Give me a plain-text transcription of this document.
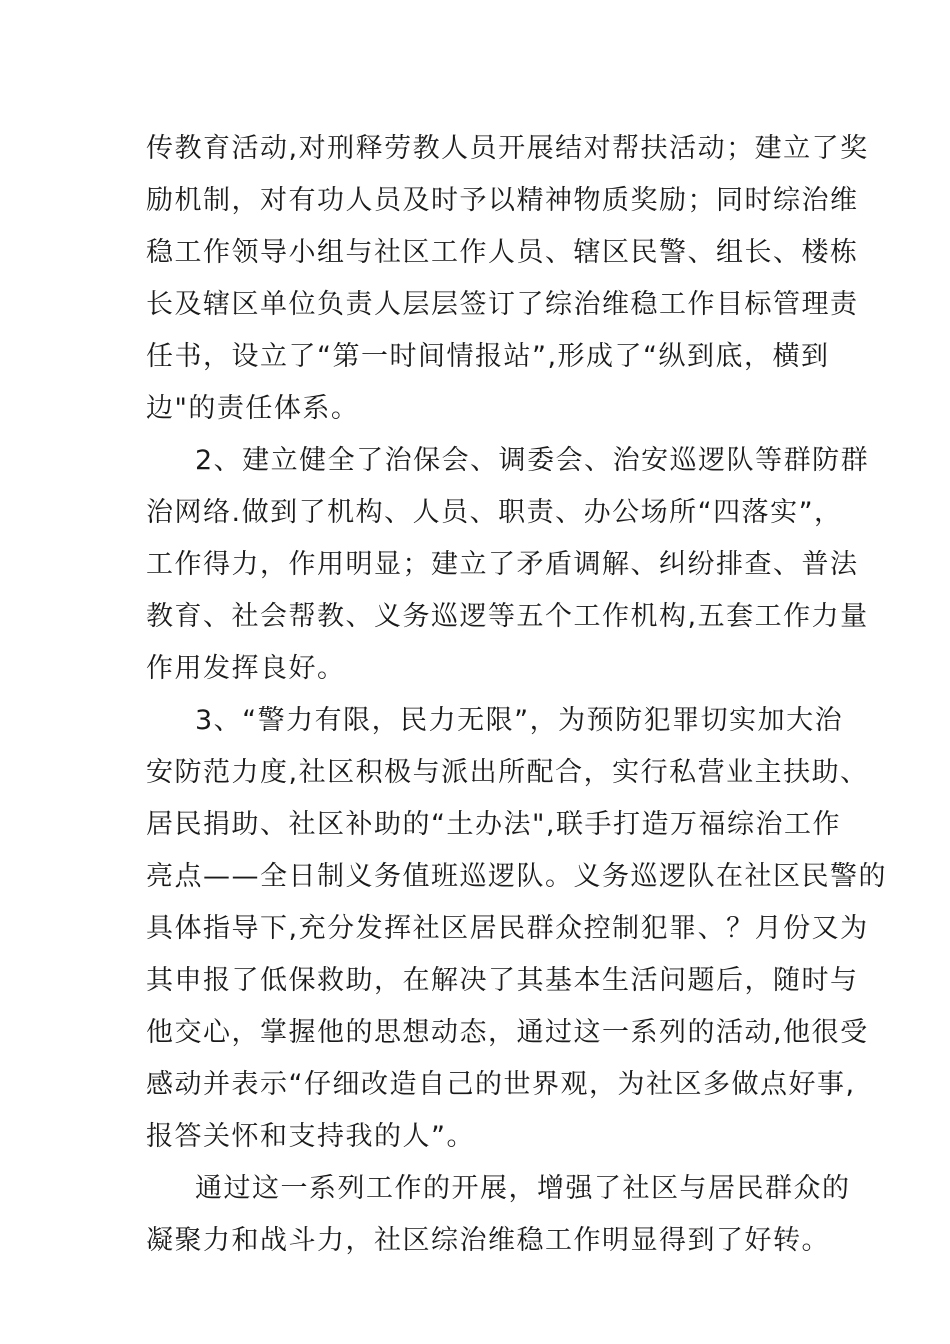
传教育活动,对刑释劳教人员开展结对帮扶活动；建立了奖
励机制，对有功人员及时予以精神物质奖励；同时综治维
稳工作领导小组与社区工作人员、辖区民警、组长、楼栋
长及辖区单位负责人层层签订了综治维稳工作目标管理责
任书，设立了“第一时间情报站”,形成了“纵到底，横到
边"的责任体系。
2、建立健全了治保会、调委会、治安巡逻队等群防群
治网络.做到了机构、人员、职责、办公场所“四落实”，
工作得力，作用明显；建立了矛盾调解、纠纷排查、普法
教育、社会帮教、义务巡逻等五个工作机构,五套工作力量
作用发挥良好。
3、“警力有限，民力无限”，为预防犯罪切实加大治
安防范力度,社区积极与派出所配合，实行私营业主扶助、
居民捐助、社区补助的“土办法",联手打造万福综治工作
亮点——全日制义务值班巡逻队。义务巡逻队在社区民警的
具体指导下,充分发挥社区居民群众控制犯罪、？月份又为
其申报了低保救助，在解决了其基本生活问题后，随时与
他交心，掌握他的思想动态，通过这一系列的活动,他很受
感动并表示“仔细改造自己的世界观，为社区多做点好事,
报答关怀和支持我的人”。
通过这一系列工作的开展，增强了社区与居民群众的
凝聚力和战斗力，社区综治维稳工作明显得到了好转。
